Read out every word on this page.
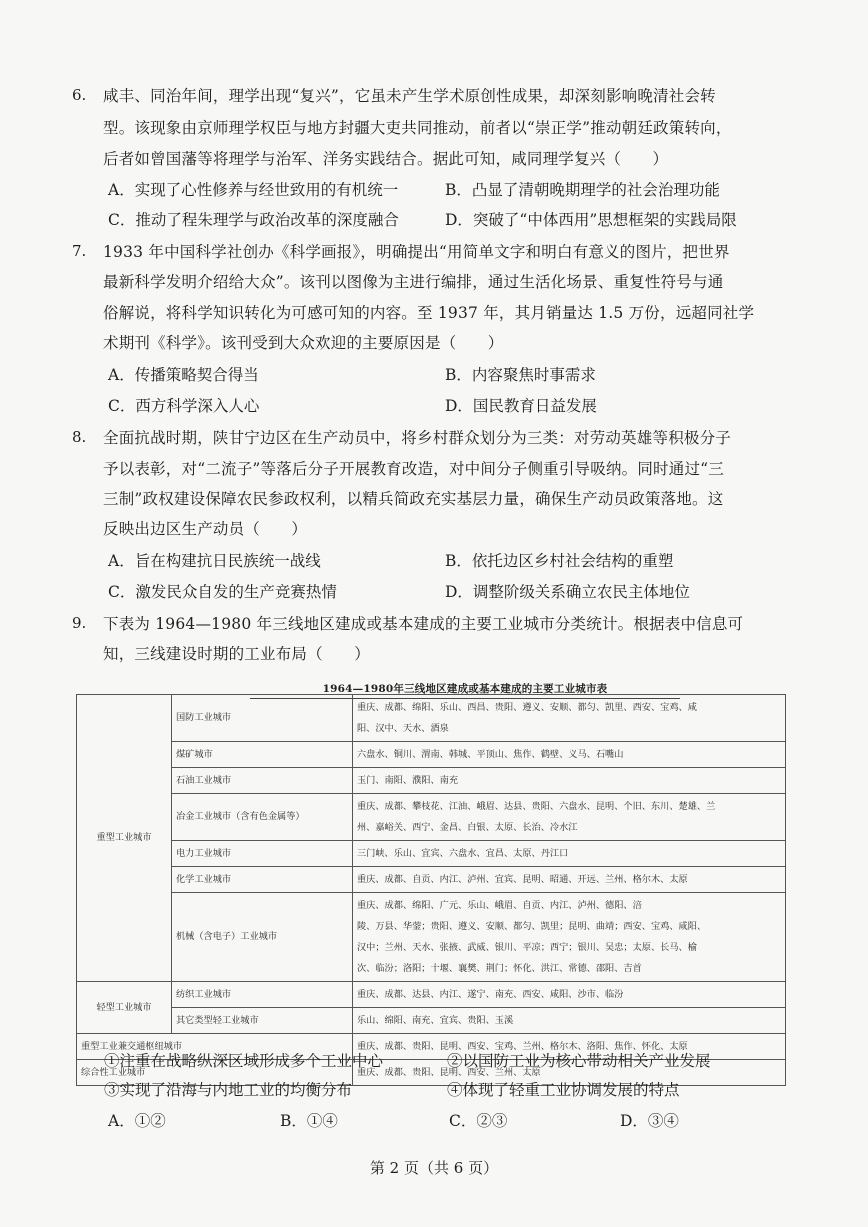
6. 咸丰、同治年间，理学出现“复兴”，它虽未产生学术原创性成果，却深刻影响晚清社会转
型。该现象由京师理学权臣与地方封疆大吏共同推动，前者以“崇正学”推动朝廷政策转向，
后者如曾国藩等将理学与治军、洋务实践结合。据此可知，咸同理学复兴（　　）
A．实现了心性修养与经世致用的有机统一	B．凸显了清朝晚期理学的社会治理功能
C．推动了程朱理学与政治改革的深度融合	D．突破了“中体西用”思想框架的实践局限
7. 1933 年中国科学社创办《科学画报》，明确提出“用简单文字和明白有意义的图片，把世界
最新科学发明介绍给大众”。该刊以图像为主进行编排，通过生活化场景、重复性符号与通
俗解说，将科学知识转化为可感可知的内容。至 1937 年，其月销量达 1.5 万份，远超同社学
术期刊《科学》。该刊受到大众欢迎的主要原因是（　　）
A．传播策略契合得当	B．内容聚焦时事需求
C．西方科学深入人心	D．国民教育日益发展
8. 全面抗战时期，陕甘宁边区在生产动员中，将乡村群众划分为三类：对劳动英雄等积极分子
予以表彰，对“二流子”等落后分子开展教育改造，对中间分子侧重引导吸纳。同时通过“三
三制”政权建设保障农民参政权利，以精兵简政充实基层力量，确保生产动员政策落地。这
反映出边区生产动员（　　）
A．旨在构建抗日民族统一战线	B．依托边区乡村社会结构的重塑
C．激发民众自发的生产竞赛热情	D．调整阶级关系确立农民主体地位
9. 下表为 1964—1980 年三线地区建成或基本建成的主要工业城市分类统计。根据表中信息可
知，三线建设时期的工业布局（　　）
1964—1980年三线地区建成或基本建成的主要工业城市表
重型工业城市	国防工业城市	重庆、成都、绵阳、乐山、西昌、贵阳、遵义、安顺、都匀、凯里、西安、宝鸡、咸
阳、汉中、天水、酒泉

	煤矿城市	六盘水、铜川、渭南、韩城、平顶山、焦作、鹤壁、义马、石嘴山
	石油工业城市	玉门、南阳、濮阳、南充
	冶金工业城市（含有色金属等）	重庆、成都、攀枝花、江油、峨眉、达县、贵阳、六盘水、昆明、个旧、东川、楚雄、兰
州、嘉峪关、西宁、金昌、白银、太原、长治、冷水江

	电力工业城市	三门峡、乐山、宜宾、六盘水、宜昌、太原、丹江口
	化学工业城市	重庆、成都、自贡、内江、泸州、宜宾、昆明、昭通、开远、兰州、格尔木、太原
	机械（含电子）工业城市	重庆、成都、绵阳、广元、乐山、峨眉、自贡、内江、泸州、德阳、涪
陵、万县、华蓥；贵阳、遵义、安顺、都匀、凯里；昆明、曲靖；西安、宝鸡、咸阳、
汉中；兰州、天水、张掖、武威、银川、平凉；西宁；银川、吴忠；太原、长马、榆
次、临汾；洛阳；十堰、襄樊、荆门；怀化、洪江、常德、邵阳、吉首

轻型工业城市	纺织工业城市	重庆、成都、达县、内江、遂宁、南充、西安、咸阳、沙市、临汾
	其它类型轻工业城市	乐山、绵阳、南充、宜宾、贵阳、玉溪
重型工业兼交通枢纽城市		重庆、成都、贵阳、昆明、西安、宝鸡、兰州、格尔木、洛阳、焦作、怀化、太原
综合性工业城市		重庆、成都、贵阳、昆明、西安、兰州、太原
①注重在战略纵深区域形成多个工业中心	②以国防工业为核心带动相关产业发展
③实现了沿海与内地工业的均衡分布	④体现了轻重工业协调发展的特点
A．①②	B．①④	C．②③	D．③④
第 2 页（共 6 页）
